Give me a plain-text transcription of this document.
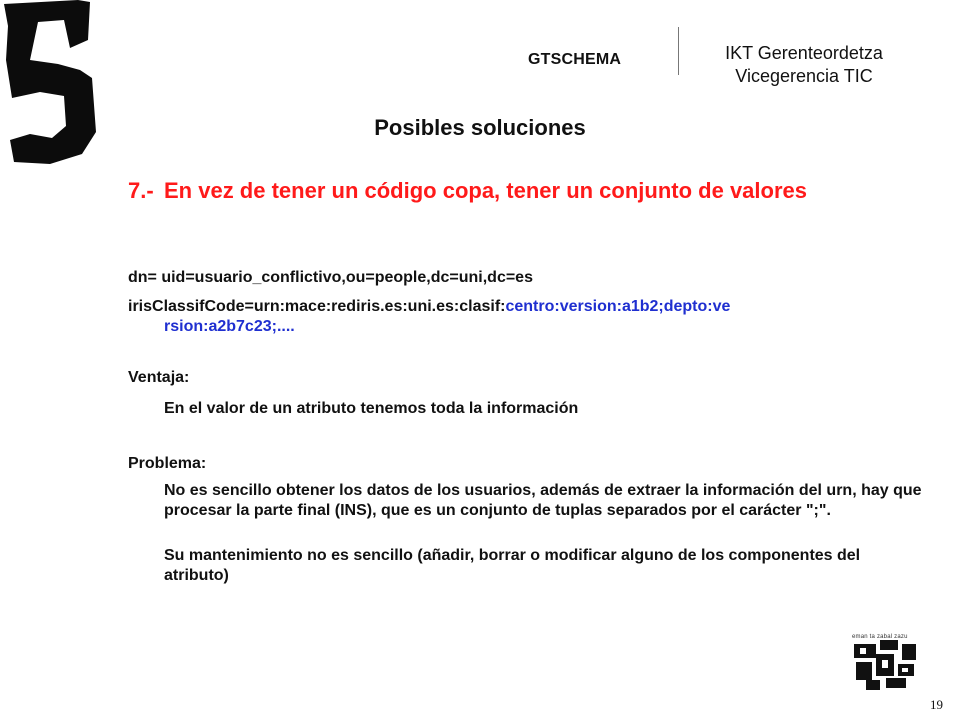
GTSCHEMA	IKT Gerenteordetza
Vicegerencia TIC
Posibles soluciones
7.- En vez de tener un código copa, tener un conjunto de valores
dn= uid=usuario_conflictivo,ou=people,dc=uni,dc=es
irisClassifCode=urn:mace:rediris.es:uni.es:clasif:centro:version:a1b2;depto:ve
rsion:a2b7c23;....
Ventaja:
En el valor de un atributo tenemos toda la información
Problema:
No es sencillo obtener los datos de los usuarios, además de extraer la información del urn, hay que procesar la parte final (INS), que es un conjunto de tuplas separados por el carácter ";".
Su mantenimiento no es sencillo (añadir, borrar o modificar alguno de los componentes del atributo)
eman ta zabal zazu
19
